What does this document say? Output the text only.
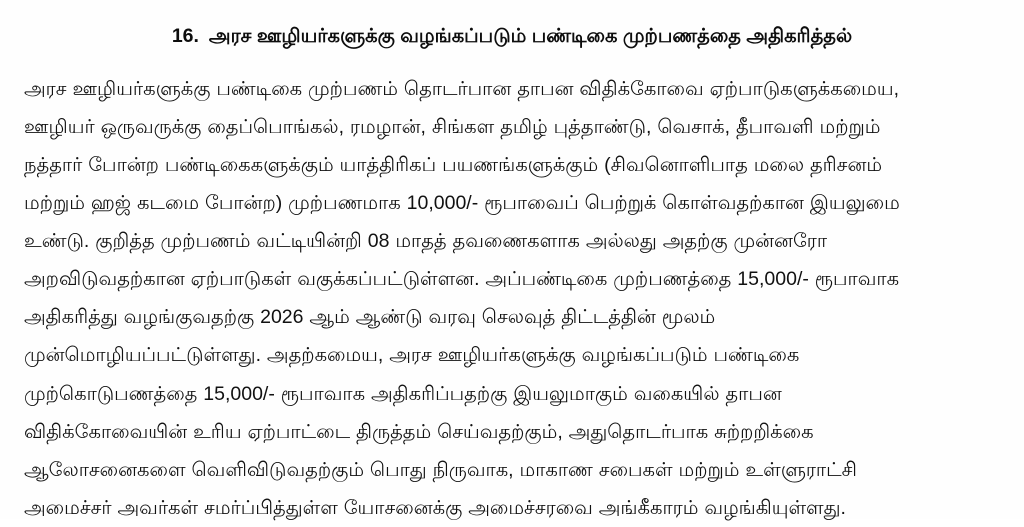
16. அரச ஊழியர்களுக்கு வழங்கப்படும் பண்டிகை முற்பணத்தை அதிகரித்தல்

அரச ஊழியர்களுக்கு பண்டிகை முற்பணம் தொடர்பான தாபன விதிக்கோவை ஏற்பாடுகளுக்கமைய,
ஊழியர் ஒருவருக்கு தைப்பொங்கல், ரமழான், சிங்கள தமிழ் புத்தாண்டு, வெசாக், தீபாவளி மற்றும்
நத்தார் போன்ற பண்டிகைகளுக்கும் யாத்திரிகப் பயணங்களுக்கும் (சிவனொளிபாத மலை தரிசனம்
மற்றும் ஹஜ் கடமை போன்ற) முற்பணமாக 10,000/- ரூபாவைப் பெற்றுக் கொள்வதற்கான இயலுமை
உண்டு. குறித்த முற்பணம் வட்டியின்றி 08 மாதத் தவணைகளாக அல்லது அதற்கு முன்னரோ
அறவிடுவதற்கான ஏற்பாடுகள் வகுக்கப்பட்டுள்ளன. அப்பண்டிகை முற்பணத்தை 15,000/- ரூபாவாக
அதிகரித்து வழங்குவதற்கு 2026 ஆம் ஆண்டு வரவு செலவுத் திட்டத்தின் மூலம்
முன்மொழியப்பட்டுள்ளது. அதற்கமைய, அரச ஊழியர்களுக்கு வழங்கப்படும் பண்டிகை
முற்கொடுபணத்தை 15,000/- ரூபாவாக அதிகரிப்பதற்கு இயலுமாகும் வகையில் தாபன
விதிக்கோவையின் உரிய ஏற்பாட்டை திருத்தம் செய்வதற்கும், அதுதொடர்பாக சுற்றறிக்கை
ஆலோசனைகளை வெளிவிடுவதற்கும் பொது நிருவாக, மாகாண சபைகள் மற்றும் உள்ளுராட்சி
அமைச்சர் அவர்கள் சமர்ப்பித்துள்ள யோசனைக்கு அமைச்சரவை அங்கீகாரம் வழங்கியுள்ளது.
